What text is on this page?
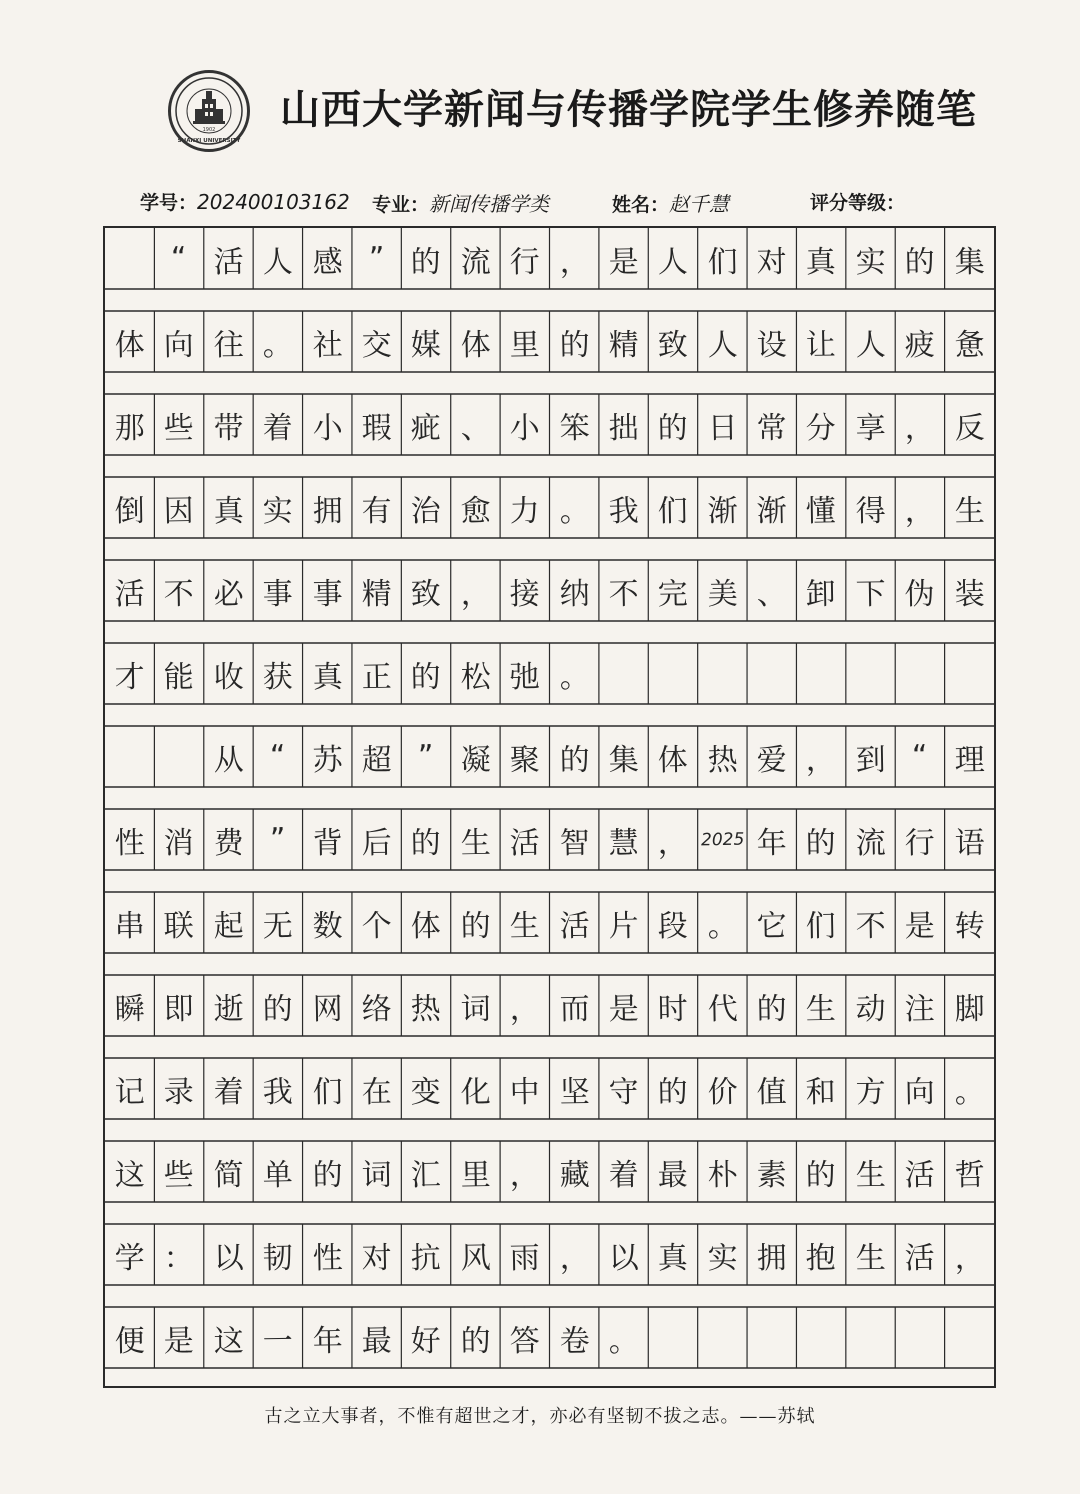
1902
SHANXI UNIVERSITY
山西大学新闻与传播学院学生修养随笔
学号：202400103162 专业：新闻传播学类	姓名：赵千慧	评分等级：
“ 活 人 感 ” 的 流 行 ， 是 人 们 对 真 实 的 集
体 向 往 。 社 交 媒 体 里 的 精 致 人 设 让 人 疲 惫
那 些 带 着 小 瑕 疵 、 小 笨 拙 的 日 常 分 享 ， 反
倒 因 真 实 拥 有 治 愈 力 。 我 们 渐 渐 懂 得 ， 生
活 不 必 事 事 精 致 ， 接 纳 不 完 美 、 卸 下 伪 装
才 能 收 获 真 正 的 松 弛 。
从 “ 苏 超 ” 凝 聚 的 集 体 热 爱 ， 到 “ 理
性 消 费 ” 背 后 的 生 活 智 慧 ， 2025 年 的 流 行 语
串 联 起 无 数 个 体 的 生 活 片 段 。 它 们 不 是 转
瞬 即 逝 的 网 络 热 词 ， 而 是 时 代 的 生 动 注 脚
记 录 着 我 们 在 变 化 中 坚 守 的 价 值 和 方 向 。
这 些 简 单 的 词 汇 里 ， 藏 着 最 朴 素 的 生 活 哲
学 ： 以 韧 性 对 抗 风 雨 ， 以 真 实 拥 抱 生 活 ，
便 是 这 一 年 最 好 的 答 卷 。
古之立大事者，不惟有超世之才，亦必有坚韧不拔之志。——苏轼
